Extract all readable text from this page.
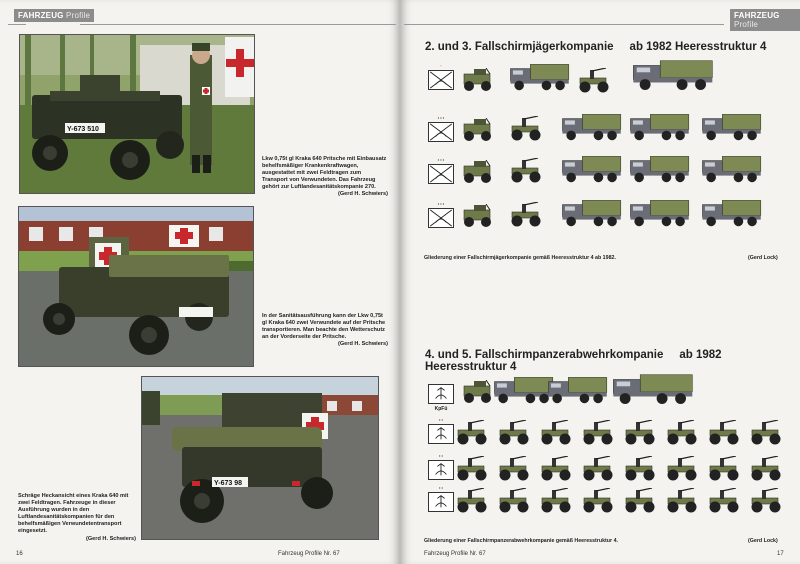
FAHRZEUG Profile
Y-673 510
Lkw 0,75t gl Kraka 640 Pritsche mit Einbausatz behelfsmäßiger Krankenkraftwagen, ausgestattet mit zwei Feldtragen zum Transport von Verwundeten. Das Fahrzeug gehört zur Luftlandesanitätskompanie 270.
(Gerd H. Schwiers)
In der Sanitätsausführung kann der Lkw 0,75t gl Kraka 640 zwei Verwundete auf der Pritsche transportieren. Man beachte den Wetterschutz an der Vorderseite der Pritsche.
(Gerd H. Schwiers)
Y-673 98
Schräge Heckansicht eines Kraka 640 mit zwei Feldtragen. Fahrzeuge in dieser Ausführung wurden in den Luftlandesanitätskompanien für den behelfsmäßigen Verwundetentransport eingesetzt.
(Gerd H. Schwiers)
16	Fahrzeug Profile Nr. 67
FAHRZEUG Profile
2. und 3. Fallschirmjägerkompanie ab 1982 Heeresstruktur 4
Gliederung einer Fallschirmjägerkompanie gemäß Heeresstruktur 4 ab 1982.	(Gerd Lock)
4. und 5. Fallschirmpanzerabwehrkompanie ab 1982 Heeresstruktur 4
Gliederung einer Fallschirmpanzerabwehrkompanie gemäß Heeresstruktur 4.	(Gerd Lock)
Fahrzeug Profile Nr. 67	17
·
• • •
• • •
• • •
KpFü
• •
• •
• •
